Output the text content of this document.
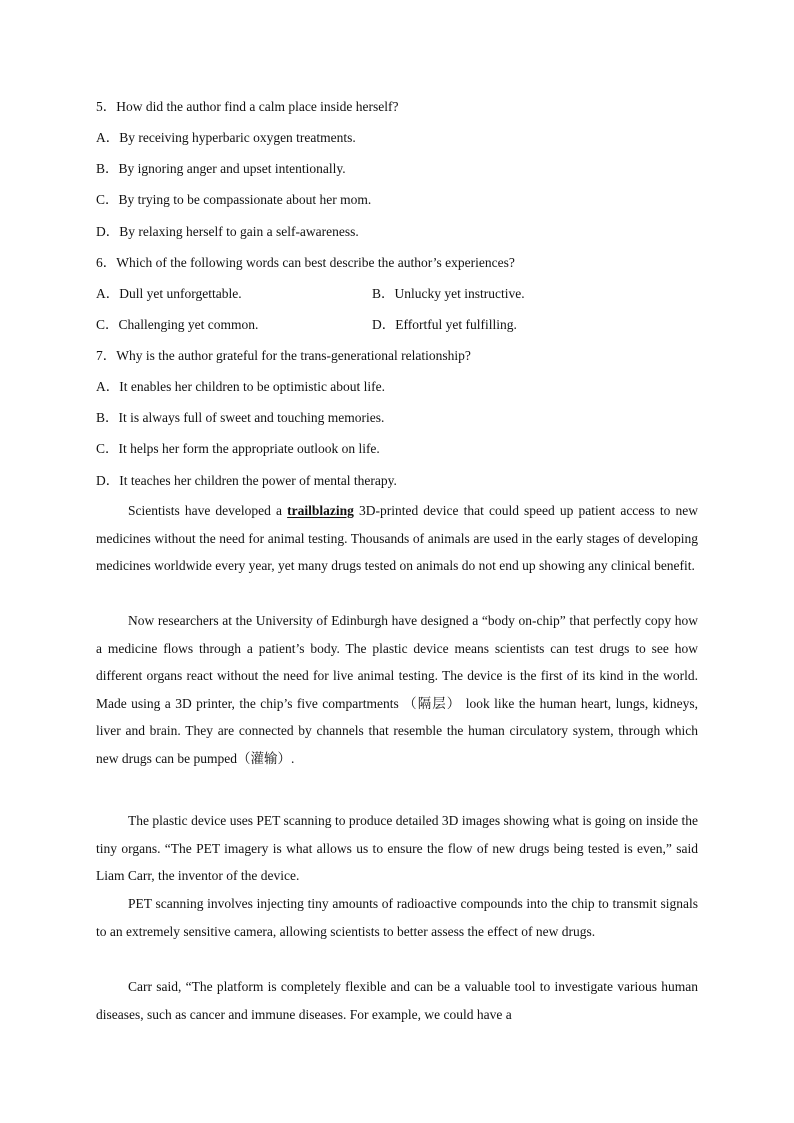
5．How did the author find a calm place inside herself?
A．By receiving hyperbaric oxygen treatments.
B．By ignoring anger and upset intentionally.
C．By trying to be compassionate about her mom.
D．By relaxing herself to gain a self-awareness.
6．Which of the following words can best describe the author’s experiences?
A．Dull yet unforgettable.	B．Unlucky yet instructive.
C．Challenging yet common.	D．Effortful yet fulfilling.
7．Why is the author grateful for the trans-generational relationship?
A．It enables her children to be optimistic about life.
B．It is always full of sweet and touching memories.
C．It helps her form the appropriate outlook on life.
D．It teaches her children the power of mental therapy.

Scientists have developed a trailblazing 3D-printed device that could speed up patient access to new medicines without the need for animal testing. Thousands of animals are used in the early stages of developing medicines worldwide every year, yet many drugs tested on animals do not end up showing any clinical benefit.

Now researchers at the University of Edinburgh have designed a “body on-chip” that perfectly copy how a medicine flows through a patient’s body. The plastic device means scientists can test drugs to see how different organs react without the need for live animal testing. The device is the first of its kind in the world. Made using a 3D printer, the chip’s five compartments （隔层） look like the human heart, lungs, kidneys, liver and brain. They are connected by channels that resemble the human circulatory system, through which new drugs can be pumped（灌输）.

The plastic device uses PET scanning to produce detailed 3D images showing what is going on inside the tiny organs. “The PET imagery is what allows us to ensure the flow of new drugs being tested is even,” said Liam Carr, the inventor of the device.

PET scanning involves injecting tiny amounts of radioactive compounds into the chip to transmit signals to an extremely sensitive camera, allowing scientists to better assess the effect of new drugs.

Carr said, “The platform is completely flexible and can be a valuable tool to investigate various human diseases, such as cancer and immune diseases. For example, we could have a
